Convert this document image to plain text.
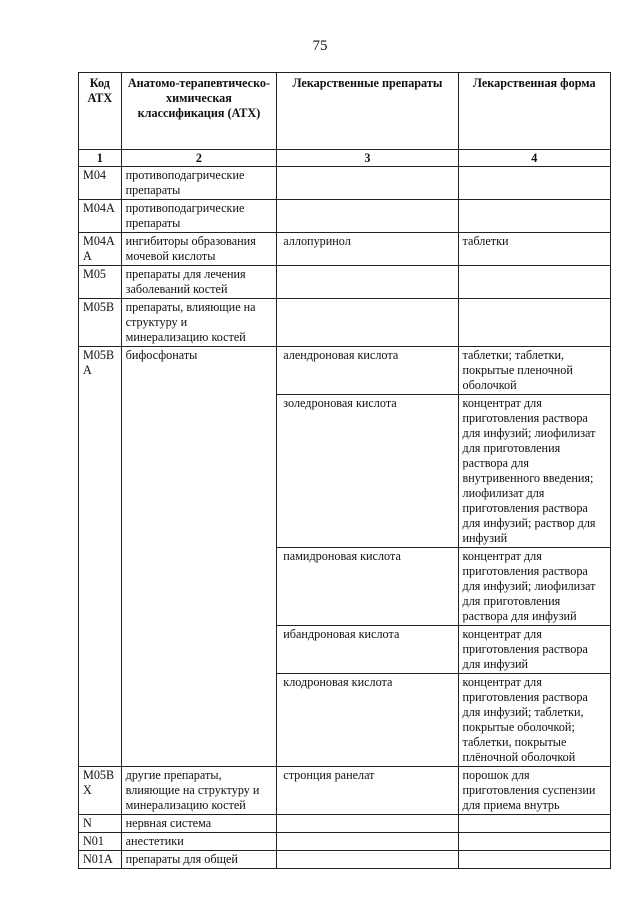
75
Код АТХ	Анатомо-терапевтическо-химическая классификация (АТХ)	Лекарственные препараты	Лекарственная форма
1	2	3	4
M04	противоподагрические препараты		
M04A	противоподагрические препараты		
M04AA	ингибиторы образования мочевой кислоты	аллопуринол	таблетки
M05	препараты для лечения заболеваний костей		
M05B	препараты, влияющие на структуру и минерализацию костей		
M05BA	бифосфонаты	алендроновая кислота	таблетки; таблетки, покрытые пленочной оболочкой
		золедроновая кислота	концентрат для приготовления раствора для инфузий; лиофилизат для приготовления раствора для внутривенного введения; лиофилизат для приготовления раствора для инфузий; раствор для инфузий
		памидроновая кислота	концентрат для приготовления раствора для инфузий; лиофилизат для приготовления раствора для инфузий
		ибандроновая кислота	концентрат для приготовления раствора для инфузий
		клодроновая кислота	концентрат для приготовления раствора для инфузий; таблетки, покрытые оболочкой; таблетки, покрытые плёночной оболочкой
M05BX	другие препараты, влияющие на структуру и минерализацию костей	стронция ранелат	порошок для приготовления суспензии для приема внутрь
N	нервная система		
N01	анестетики		
N01A	препараты для общей		
